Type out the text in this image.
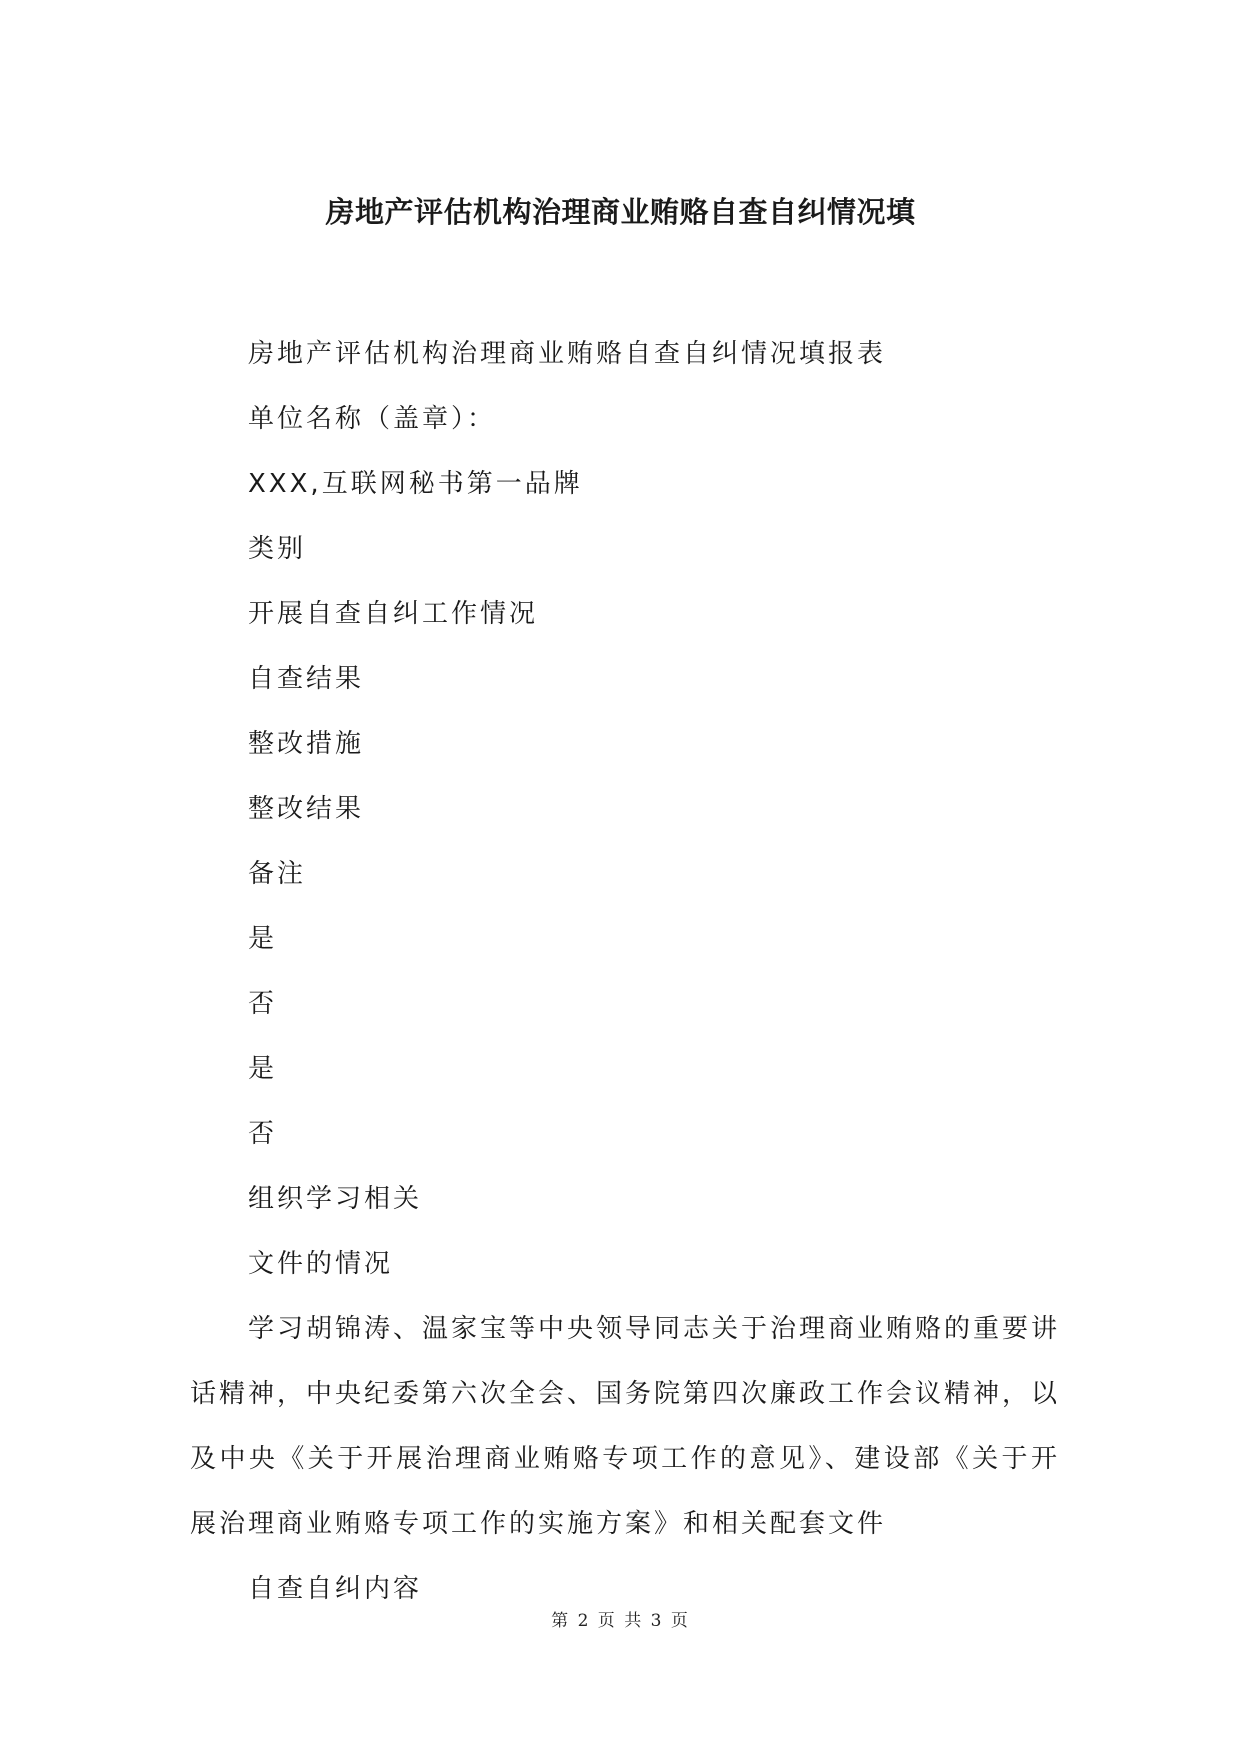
房地产评估机构治理商业贿赂自查自纠情况填
房地产评估机构治理商业贿赂自查自纠情况填报表
单位名称（盖章）：
XXX,互联网秘书第一品牌
类别
开展自查自纠工作情况
自查结果
整改措施
整改结果
备注
是
否
是
否
组织学习相关
文件的情况

学习胡锦涛、温家宝等中央领导同志关于治理商业贿赂的重要讲话精神，中央纪委第六次全会、国务院第四次廉政工作会议精神，以及中央《关于开展治理商业贿赂专项工作的意见》、建设部《关于开展治理商业贿赂专项工作的实施方案》和相关配套文件

自查自纠内容
第 2 页 共 3 页
